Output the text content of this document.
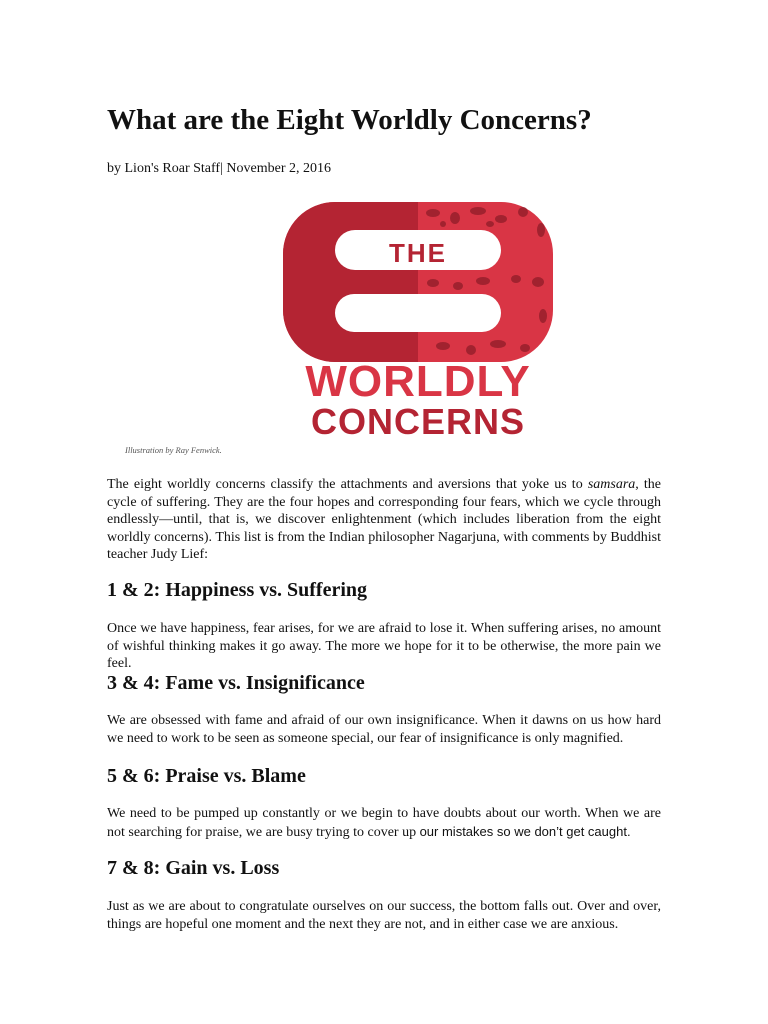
What are the Eight Worldly Concerns?
by Lion's Roar Staff| November 2, 2016
THE
WORLDLY
CONCERNS
Illustration by Ray Fenwick.

The eight worldly concerns classify the attachments and aversions that yoke us to samsara, the cycle of suffering. They are the four hopes and corresponding four fears, which we cycle through endlessly—until, that is, we discover enlightenment (which includes liberation from the eight worldly concerns). This list is from the Indian philosopher Nagarjuna, with comments by Buddhist teacher Judy Lief:

1 & 2: Happiness vs. Suffering

Once we have happiness, fear arises, for we are afraid to lose it. When suffering arises, no amount of wishful thinking makes it go away. The more we hope for it to be otherwise, the more pain we feel.

3 & 4: Fame vs. Insignificance

We are obsessed with fame and afraid of our own insignificance. When it dawns on us how hard we need to work to be seen as someone special, our fear of insignificance is only magnified.

5 & 6: Praise vs. Blame

We need to be pumped up constantly or we begin to have doubts about our worth. When we are not searching for praise, we are busy trying to cover up our mistakes so we don’t get caught.

7 & 8: Gain vs. Loss

Just as we are about to congratulate ourselves on our success, the bottom falls out. Over and over, things are hopeful one moment and the next they are not, and in either case we are anxious.
